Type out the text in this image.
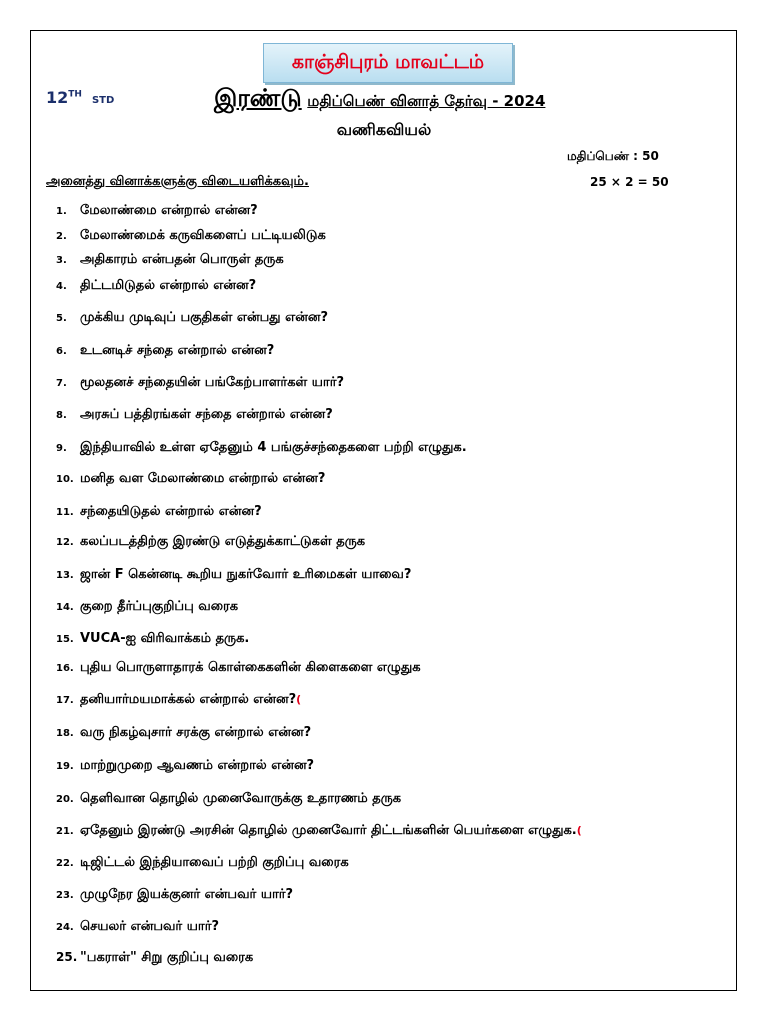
காஞ்சிபுரம் மாவட்டம்
12THSTD	இரண்டு மதிப்பெண் வினாத் தேர்வு - 2024
வணிகவியல்
மதிப்பெண் : 50
அனைத்து வினாக்களுக்கு விடையளிக்கவும்.	25 × 2 = 50
1. மேலாண்மை என்றால் என்ன?
2. மேலாண்மைக் கருவிகளைப் பட்டியலிடுக
3. அதிகாரம் என்பதன் பொருள் தருக
4. திட்டமிடுதல் என்றால் என்ன?
5. முக்கிய முடிவுப் பகுதிகள் என்பது என்ன?
6. உடனடிச் சந்தை என்றால் என்ன?
7. மூலதனச் சந்தையின் பங்கேற்பாளர்கள் யார்?
8. அரசுப் பத்திரங்கள் சந்தை என்றால் என்ன?
9. இந்தியாவில் உள்ள ஏதேனும் 4 பங்குச்சந்தைகளை பற்றி எழுதுக.
10. மனித வள மேலாண்மை என்றால் என்ன?
11. சந்தையிடுதல் என்றால் என்ன?
12. கலப்படத்திற்கு இரண்டு எடுத்துக்காட்டுகள் தருக
13. ஜான் F கென்னடி கூறிய நுகர்வோர் உரிமைகள் யாவை?
14. குறை தீர்ப்புகுறிப்பு வரைக
15. VUCA-ஐ விரிவாக்கம் தருக.
16. புதிய பொருளாதாரக் கொள்கைகளின் கிளைகளை எழுதுக
17. தனியார்மயமாக்கல் என்றால் என்ன?(
18. வரு நிகழ்வுசார் சரக்கு என்றால் என்ன?
19. மாற்றுமுறை ஆவணம் என்றால் என்ன?
20. தெளிவான தொழில் முனைவோருக்கு உதாரணம் தருக
21. ஏதேனும் இரண்டு அரசின் தொழில் முனைவோர் திட்டங்களின் பெயர்களை எழுதுக.(
22. டிஜிட்டல் இந்தியாவைப் பற்றி குறிப்பு வரைக
23. முழுநேர இயக்குனர் என்பவர் யார்?
24. செயலர் என்பவர் யார்?
25. "பகராள்" சிறு குறிப்பு வரைக
